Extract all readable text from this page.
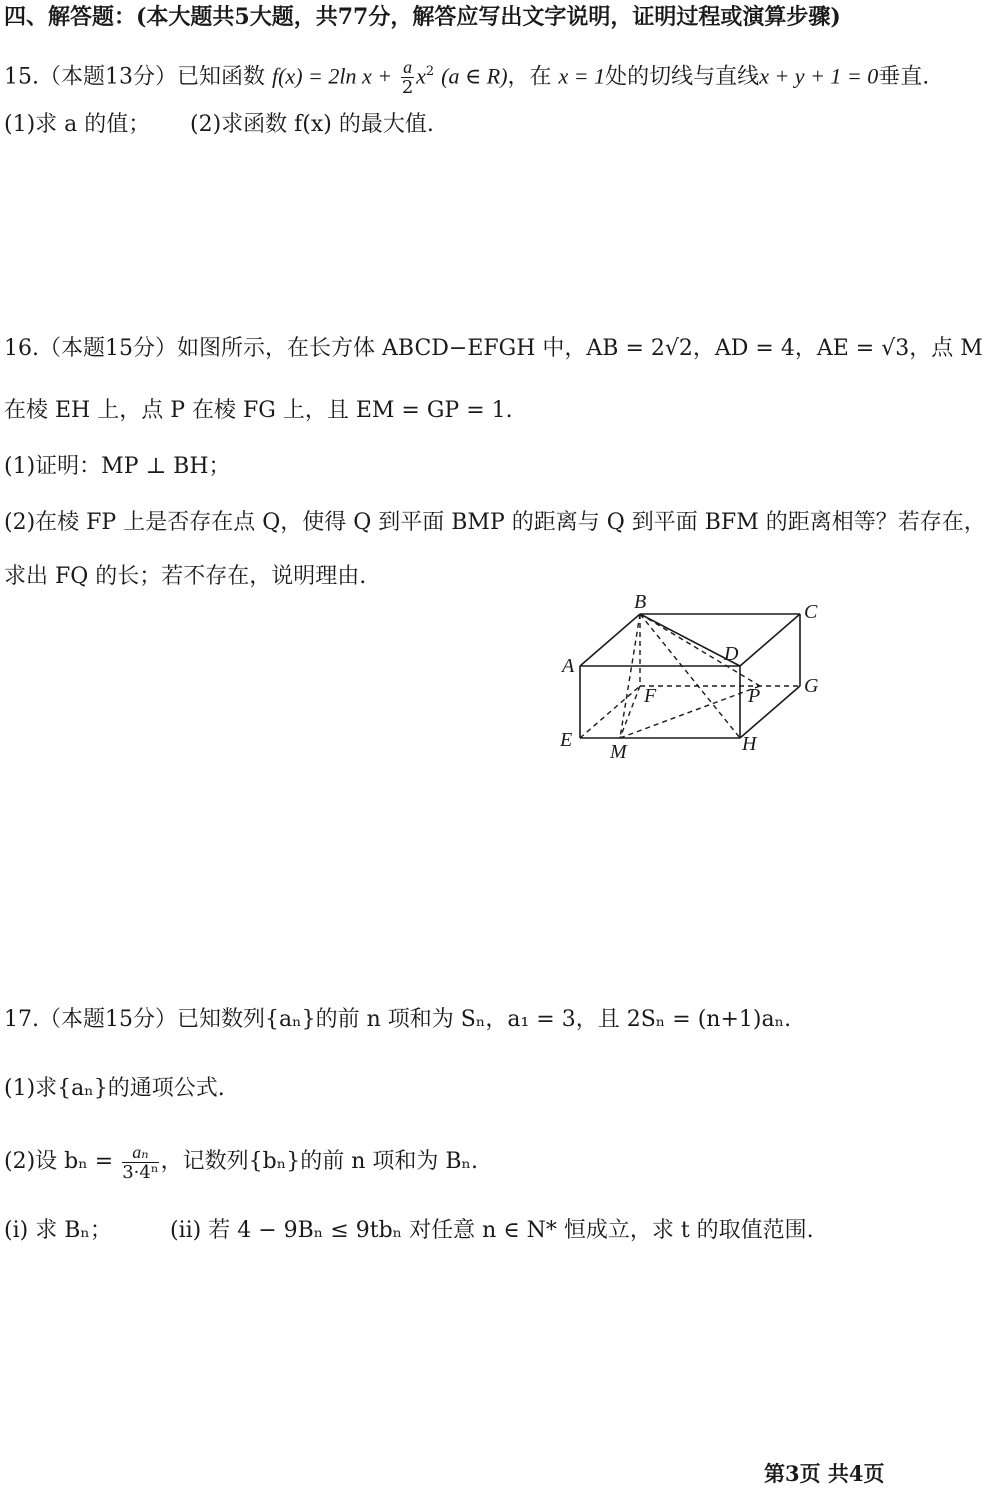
四、解答题：(本大题共5大题，共77分，解答应写出文字说明，证明过程或演算步骤)
15.（本题13分）已知函数 f(x) = 2ln $x + \frac{a}{2} x^2$ (a ∈ R)，在 x = 1处的切线与直线x + y + 1 = 0垂直.
(1)求 a 的值； (2)求函数 f(x) 的最大值.
16.（本题15分）如图所示，在长方体 ABCD−EFGH 中，AB = 2√2，AD = 4，AE = √3，点 M
在棱 EH 上，点 P 在棱 FG 上，且 EM = GP = 1.
(1)证明：MP ⊥ BH；
(2)在棱 FP 上是否存在点 Q，使得 Q 到平面 BMP 的距离与 Q 到平面 BFM 的距离相等？若存在，
求出 FQ 的长；若不存在，说明理由.
B	C
A
D
F	P G
E
M	H
17.（本题15分）已知数列{aₙ}的前 n 项和为 Sₙ，a₁ = 3，且 2Sₙ = (n+1)aₙ.
(1)求{aₙ}的通项公式.
(2)设 $b_n = \frac{\text{aₙ}}{\text{3·4ⁿ}}$ ，记数列{bₙ}的前 n 项和为 Bₙ.
(ⅰ) 求 Bₙ；	(ⅱ) 若 4 − 9Bₙ ≤ 9tbₙ 对任意 n ∈ N* 恒成立，求 t 的取值范围.
第3页 共4页
